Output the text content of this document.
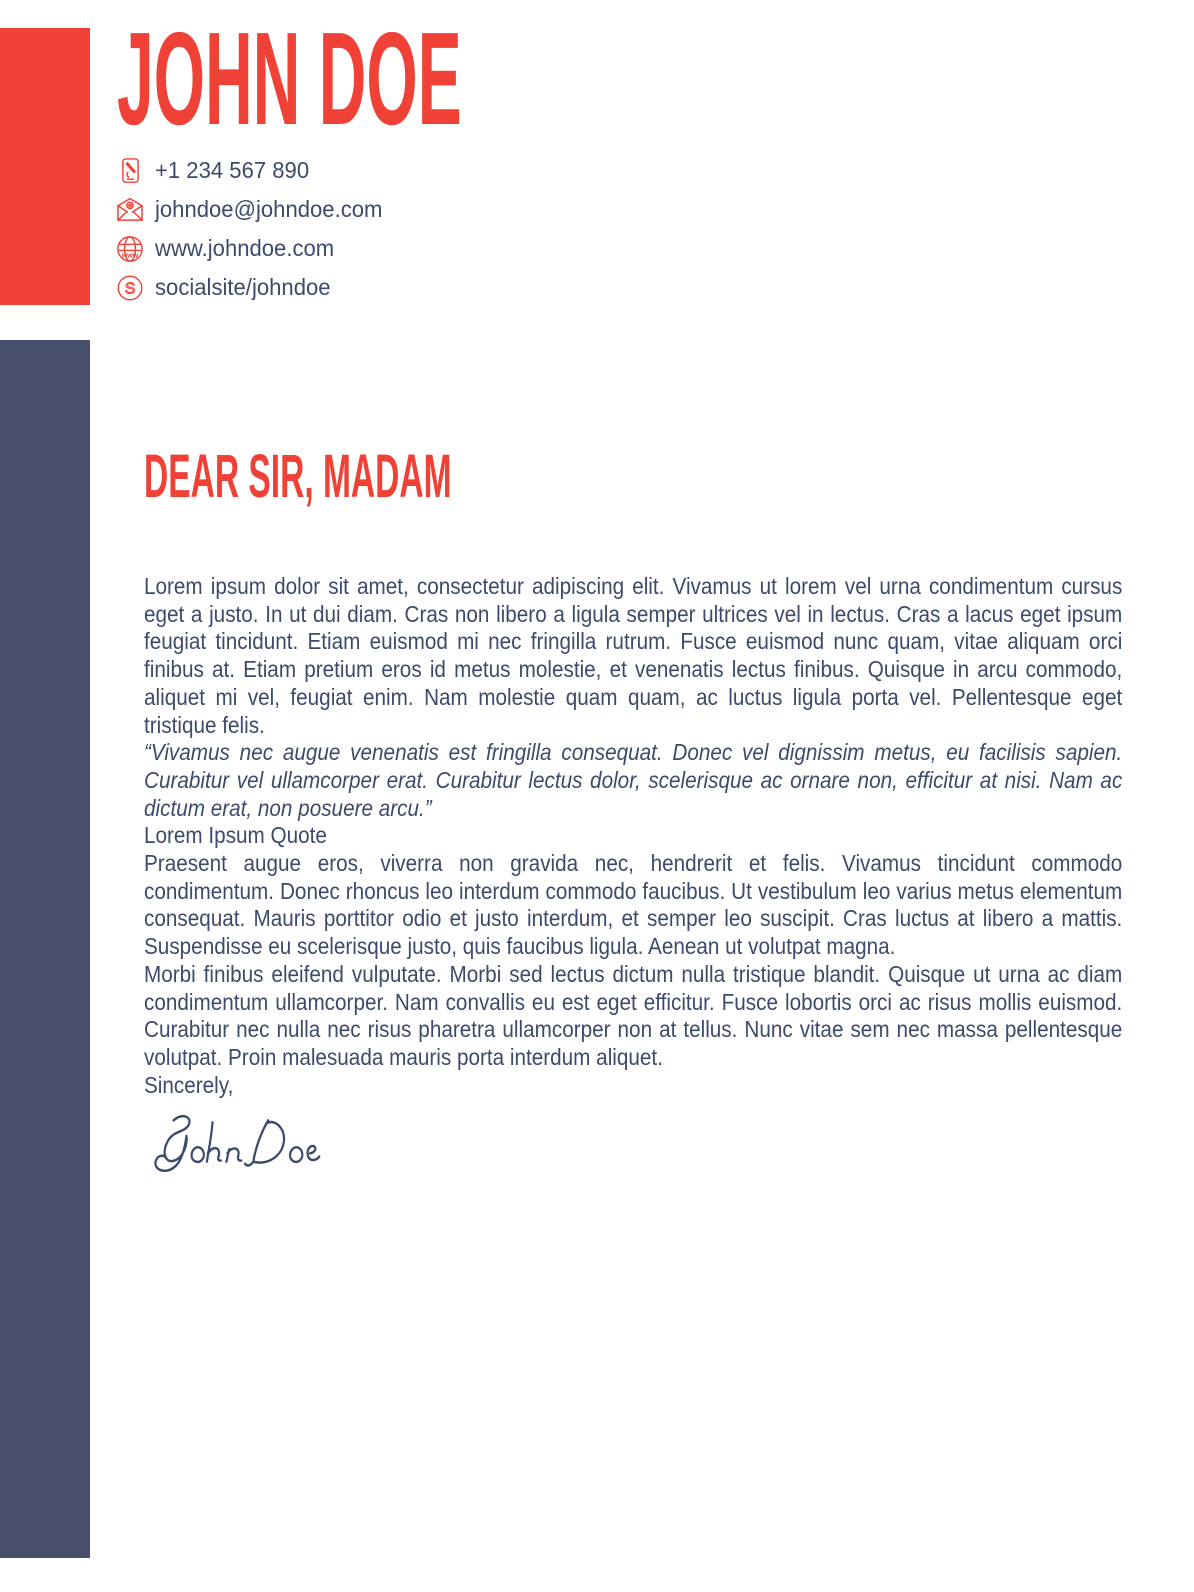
JOHN DOE
+1 234 567 890
johndoe@johndoe.com
www www.johndoe.com
S socialsite/johndoe
DEAR SIR, MADAM

Lorem ipsum dolor sit amet, consectetur adipiscing elit. Vivamus ut lorem vel urna condimentum cursus eget a justo. In ut dui diam. Cras non libero a ligula semper ultrices vel in lectus. Cras a lacus eget ipsum feugiat tincidunt. Etiam euismod mi nec fringilla rutrum. Fusce euismod nunc quam, vitae aliquam orci finibus at. Etiam pretium eros id metus molestie, et venenatis lectus finibus. Quisque in arcu commodo, aliquet mi vel, feugiat enim. Nam molestie quam quam, ac luctus ligula porta vel. Pellentesque eget tristique felis.

“Vivamus nec augue venenatis est fringilla consequat. Donec vel dignissim metus, eu facilisis sapien. Curabitur vel ullamcorper erat. Curabitur lectus dolor, scelerisque ac ornare non, efficitur at nisi. Nam ac dictum erat, non posuere arcu.”

Lorem Ipsum Quote

Praesent augue eros, viverra non gravida nec, hendrerit et felis. Vivamus tincidunt commodo condimentum. Donec rhoncus leo interdum commodo faucibus. Ut vestibulum leo varius metus elementum consequat. Mauris porttitor odio et justo interdum, et semper leo suscipit. Cras luctus at libero a mattis. Suspendisse eu scelerisque justo, quis faucibus ligula. Aenean ut volutpat magna.

Morbi finibus eleifend vulputate. Morbi sed lectus dictum nulla tristique blandit. Quisque ut urna ac diam condimentum ullamcorper. Nam convallis eu est eget efficitur. Fusce lobortis orci ac risus mollis euismod. Curabitur nec nulla nec risus pharetra ullamcorper non at tellus. Nunc vitae sem nec massa pellentesque volutpat. Proin malesuada mauris porta interdum aliquet.

Sincerely,
